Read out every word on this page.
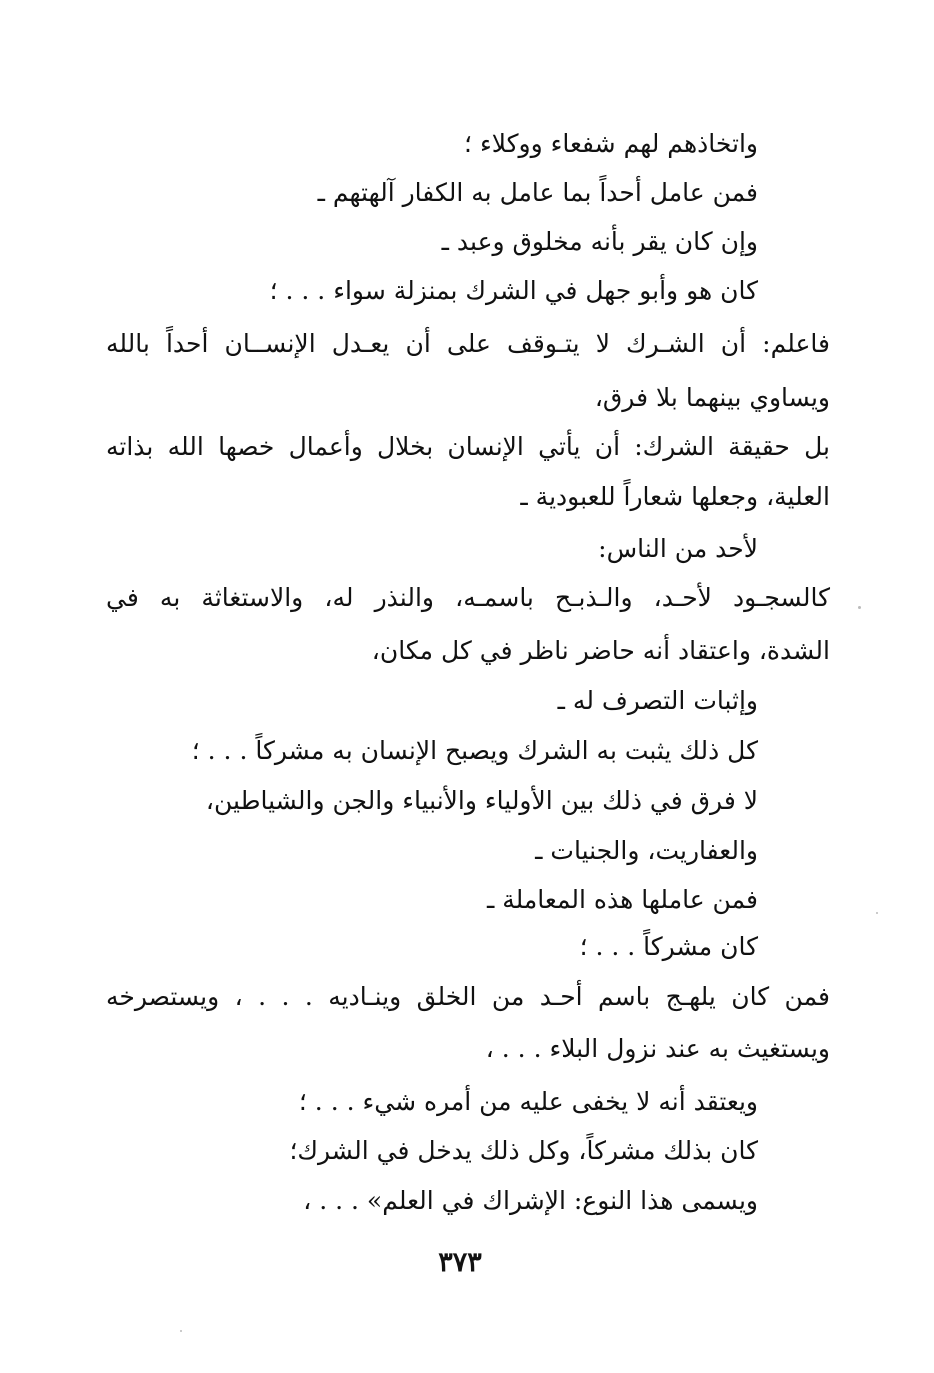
واتخاذهم لهم شفعاء ووكلاء ؛
فمن عامل أحداً بما عامل به الكفار آلهتهم ـ
وإن كان يقر بأنه مخلوق وعبد ـ
كان هو وأبو جهل في الشرك بمنزلة سواء . . . ؛
فاعلم: أن الشـرك لا يتـوقف على أن يعـدل الإنســان أحداً بالله
ويساوي بينهما بلا فرق،
بل حقيقة الشرك: أن يأتي الإنسان بخلال وأعمال خصها الله بذاته
العلية، وجعلها شعاراً للعبودية ـ
لأحد من الناس:
كالسجـود لأحـد، والـذبـح باسمـه، والنذر له، والاستغاثة به في
الشدة، واعتقاد أنه حاضر ناظر في كل مكان،
وإثبات التصرف له ـ
كل ذلك يثبت به الشرك ويصبح الإنسان به مشركاً . . . ؛
لا فرق في ذلك بين الأولياء والأنبياء والجن والشياطين،
والعفاريت، والجنيات ـ
فمن عاملها هذه المعاملة ـ
كان مشركاً . . . ؛
فمن كان يلهـج باسم أحـد من الخلق وينـاديه . . . ، ويستصرخه
ويستغيث به عند نزول البلاء . . . ،
ويعتقد أنه لا يخفى عليه من أمره شيء . . . ؛
كان بذلك مشركاً، وكل ذلك يدخل في الشرك؛
ويسمى هذا النوع: الإشراك في العلم» . . . ،
٣٧٣
